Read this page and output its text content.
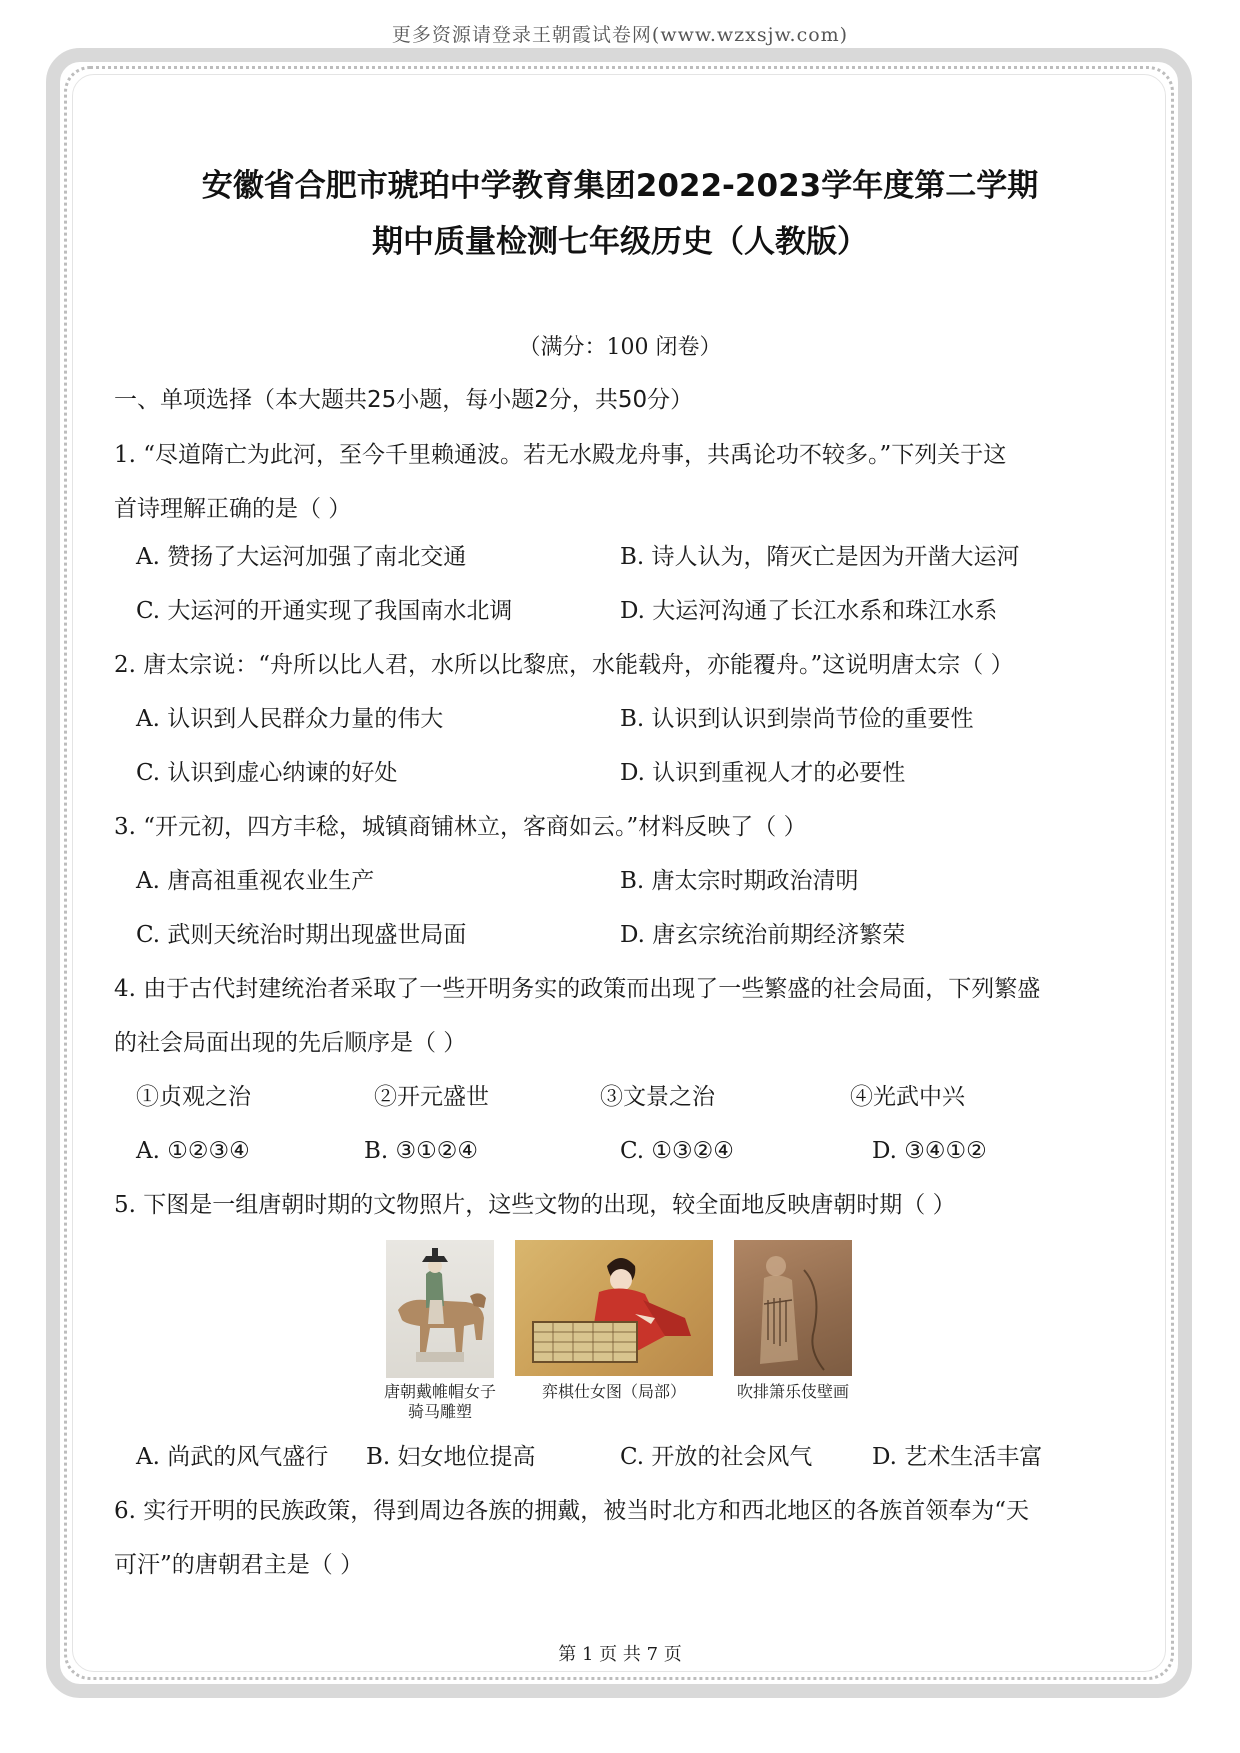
更多资源请登录王朝霞试卷网(www.wzxsjw.com)
安徽省合肥市琥珀中学教育集团2022-2023学年度第二学期
期中质量检测七年级历史（人教版）
（满分：100 闭卷）
一、单项选择（本大题共25小题，每小题2分，共50分）
1. “尽道隋亡为此河，至今千里赖通波。若无水殿龙舟事，共禹论功不较多。”下列关于这
首诗理解正确的是（ ）
A. 赞扬了大运河加强了南北交通	B. 诗人认为，隋灭亡是因为开凿大运河
C. 大运河的开通实现了我国南水北调	D. 大运河沟通了长江水系和珠江水系
2. 唐太宗说：“舟所以比人君，水所以比黎庶，水能载舟，亦能覆舟。”这说明唐太宗（ ）
A. 认识到人民群众力量的伟大	B. 认识到认识到崇尚节俭的重要性
C. 认识到虚心纳谏的好处	D. 认识到重视人才的必要性
3. “开元初，四方丰稔，城镇商铺林立，客商如云。”材料反映了（ ）
A. 唐高祖重视农业生产	B. 唐太宗时期政治清明
C. 武则天统治时期出现盛世局面	D. 唐玄宗统治前期经济繁荣
4. 由于古代封建统治者采取了一些开明务实的政策而出现了一些繁盛的社会局面，下列繁盛
的社会局面出现的先后顺序是（ ）
①贞观之治	②开元盛世	③文景之治	④光武中兴
A. ①②③④	B. ③①②④	C. ①③②④	D. ③④①②
5. 下图是一组唐朝时期的文物照片，这些文物的出现，较全面地反映唐朝时期（ ）
唐朝戴帷帽女子
骑马雕塑
弈棋仕女图（局部）	吹排箫乐伎壁画
A. 尚武的风气盛行 B. 妇女地位提高	C. 开放的社会风气	D. 艺术生活丰富
6. 实行开明的民族政策，得到周边各族的拥戴，被当时北方和西北地区的各族首领奉为“天
可汗”的唐朝君主是（ ）
第 1 页 共 7 页
